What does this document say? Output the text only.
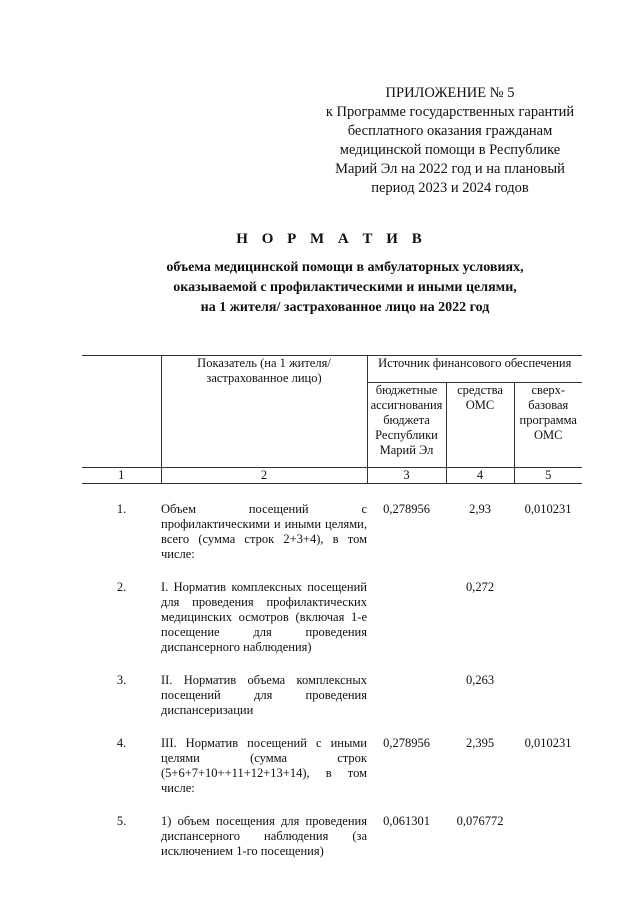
ПРИЛОЖЕНИЕ № 5
к Программе государственных гарантий
бесплатного оказания гражданам
медицинской помощи в Республике
Марий Эл на 2022 год и на плановый
период 2023 и 2024 годов
Н О Р М А Т И В
объема медицинской помощи в амбулаторных условиях,
оказываемой с профилактическими и иными целями,
на 1 жителя/ застрахованное лицо на 2022 год
	Показатель (на 1 жителя/застрахованное лицо)	Источник финансового обеспечения		
		бюджетные ассигнования бюджета Республики Марий Эл	средства ОМС	сверх-базовая программа ОМС
1	2	3	4	5
1.	Объем посещений с профилактическими и иными целями, всего (сумма строк 2+3+4), в том числе:	0,278956	2,93	0,010231
2.	I. Норматив комплексных посещений для проведения профилактических медицинских осмотров (включая 1-е посещение для проведения диспансерного наблюдения)		0,272	
3.	II. Норматив объема комплексных посещений для проведения диспансеризации		0,263	
4.	III. Норматив посещений с иными целями (сумма строк (5+6+7+10++11+12+13+14), в том числе:	0,278956	2,395	0,010231
5.	1) объем посещения для проведения диспансерного наблюдения (за исключением 1-го посещения)	0,061301	0,076772	
